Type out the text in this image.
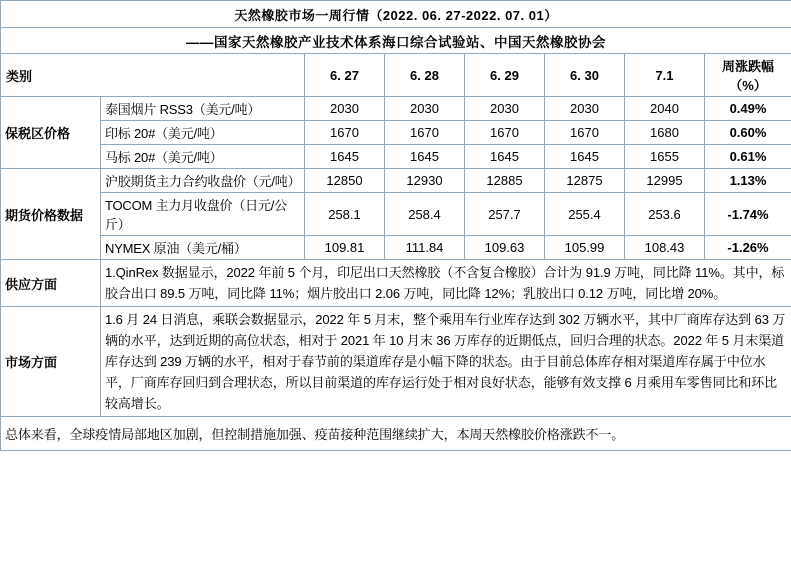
天然橡胶市场一周行情（2022. 06. 27-2022. 07. 01）							
——国家天然橡胶产业技术体系海口综合试验站、中国天然橡胶协会							
类别		6. 27	6. 28	6. 29	6. 30	7.1	周涨跌幅（%）
保税区价格	泰国烟片 RSS3（美元/吨）	2030	2030	2030	2030	2040	0.49%
	印标 20#（美元/吨）	1670	1670	1670	1670	1680	0.60%
	马标 20#（美元/吨）	1645	1645	1645	1645	1655	0.61%
期货价格数据	沪胶期货主力合约收盘价（元/吨）	12850	12930	12885	12875	12995	1.13%
	TOCOM 主力月收盘价（日元/公斤）	258.1	258.4	257.7	255.4	253.6	-1.74%
	NYMEX 原油（美元/桶）	109.81	111.84	109.63	105.99	108.43	-1.26%
供应方面	1.QinRex 数据显示，2022 年前 5 个月，印尼出口天然橡胶（不含复合橡胶）合计为 91.9 万吨，同比降 11%。其中，标胶合出口 89.5 万吨，同比降 11%；烟片胶出口 2.06 万吨，同比降 12%；乳胶出口 0.12 万吨，同比增 20%。						
市场方面	1.6 月 24 日消息，乘联会数据显示，2022 年 5 月末，整个乘用车行业库存达到 302 万辆水平，其中厂商库存达到 63 万辆的水平，达到近期的高位状态，相对于 2021 年 10 月末 36 万库存的近期低点，回归合理的状态。2022 年 5 月末渠道库存达到 239 万辆的水平，相对于春节前的渠道库存是小幅下降的状态。由于目前总体库存相对渠道库存属于中位水平，厂商库存回归到合理状态，所以目前渠道的库存运行处于相对良好状态，能够有效支撑 6 月乘用车零售同比和环比较高增长。						
总体来看，全球疫情局部地区加剧，但控制措施加强、疫苗接种范围继续扩大，本周天然橡胶价格涨跌不一。							
